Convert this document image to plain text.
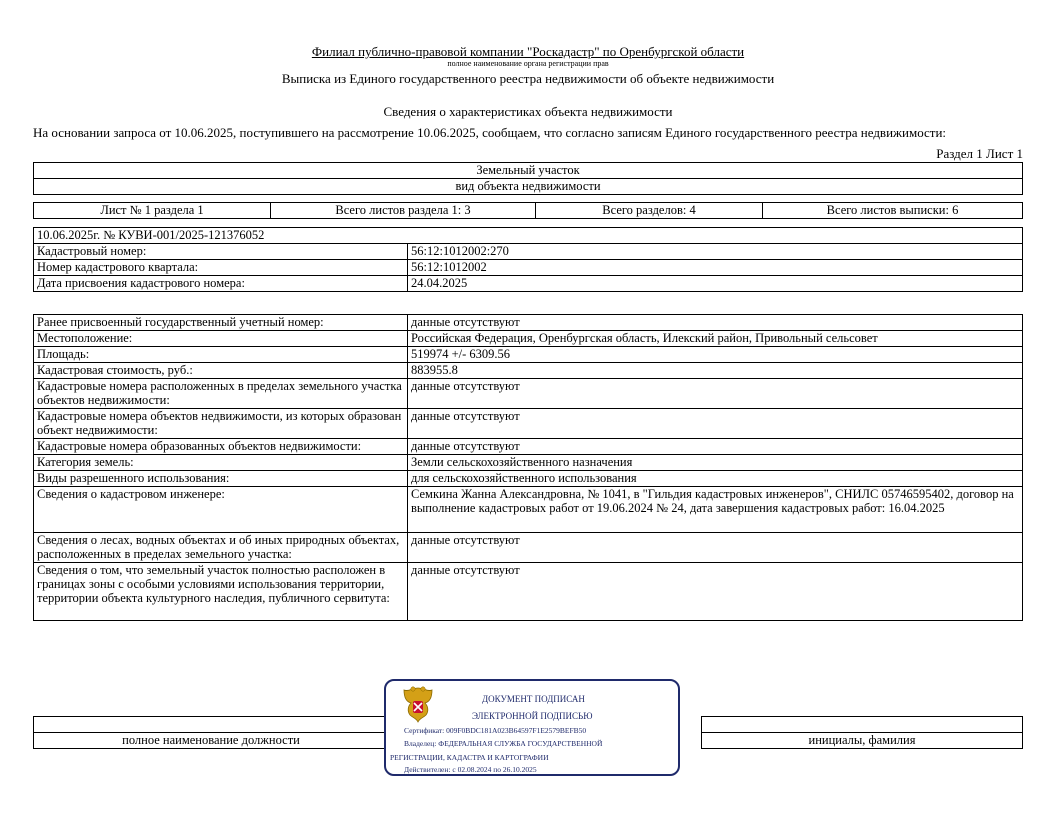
Филиал публично-правовой компании "Роскадастр" по Оренбургской области
полное наименование органа регистрации прав
Выписка из Единого государственного реестра недвижимости об объекте недвижимости
Сведения о характеристиках объекта недвижимости
На основании запроса от 10.06.2025, поступившего на рассмотрение 10.06.2025, сообщаем, что согласно записям Единого государственного реестра недвижимости:
Раздел 1 Лист 1
Земельный участок
вид объекта недвижимости
Лист № 1 раздела 1	Всего листов раздела 1: 3	Всего разделов: 4	Всего листов выписки: 6
10.06.2025г. № КУВИ-001/2025-121376052	
Кадастровый номер:	56:12:1012002:270
Номер кадастрового квартала:	56:12:1012002
Дата присвоения кадастрового номера:	24.04.2025
Ранее присвоенный государственный учетный номер:	данные отсутствуют
Местоположение:	Российская Федерация, Оренбургская область, Илекский район, Привольный сельсовет
Площадь:	519974 +/- 6309.56
Кадастровая стоимость, руб.:	883955.8
Кадастровые номера расположенных в пределах земельного участка объектов недвижимости:	данные отсутствуют
Кадастровые номера объектов недвижимости, из которых образован объект недвижимости:	данные отсутствуют
Кадастровые номера образованных объектов недвижимости:	данные отсутствуют
Категория земель:	Земли сельскохозяйственного назначения
Виды разрешенного использования:	для сельскохозяйственного использования
Сведения о кадастровом инженере:	Семкина Жанна Александровна, № 1041, в "Гильдия кадастровых инженеров", СНИЛС 05746595402, договор на выполнение кадастровых работ от 19.06.2024 № 24, дата завершения кадастровых работ: 16.04.2025
Сведения о лесах, водных объектах и об иных природных объектах, расположенных в пределах земельного участка:	данные отсутствуют
Сведения о том, что земельный участок полностью расположен в границах зоны с особыми условиями использования территории, территории объекта культурного наследия, публичного сервитута:	данные отсутствуют

полное наименование должности		инициалы, фамилия
ДОКУМЕНТ ПОДПИСАН
ЭЛЕКТРОННОЙ ПОДПИСЬЮ
Сертификат: 009F0BDC181A023B64597F1E2579BEFB50
Владелец: ФЕДЕРАЛЬНАЯ СЛУЖБА ГОСУДАРСТВЕННОЙ
РЕГИСТРАЦИИ, КАДАСТРА И КАРТОГРАФИИ
Действителен: с 02.08.2024 по 26.10.2025
